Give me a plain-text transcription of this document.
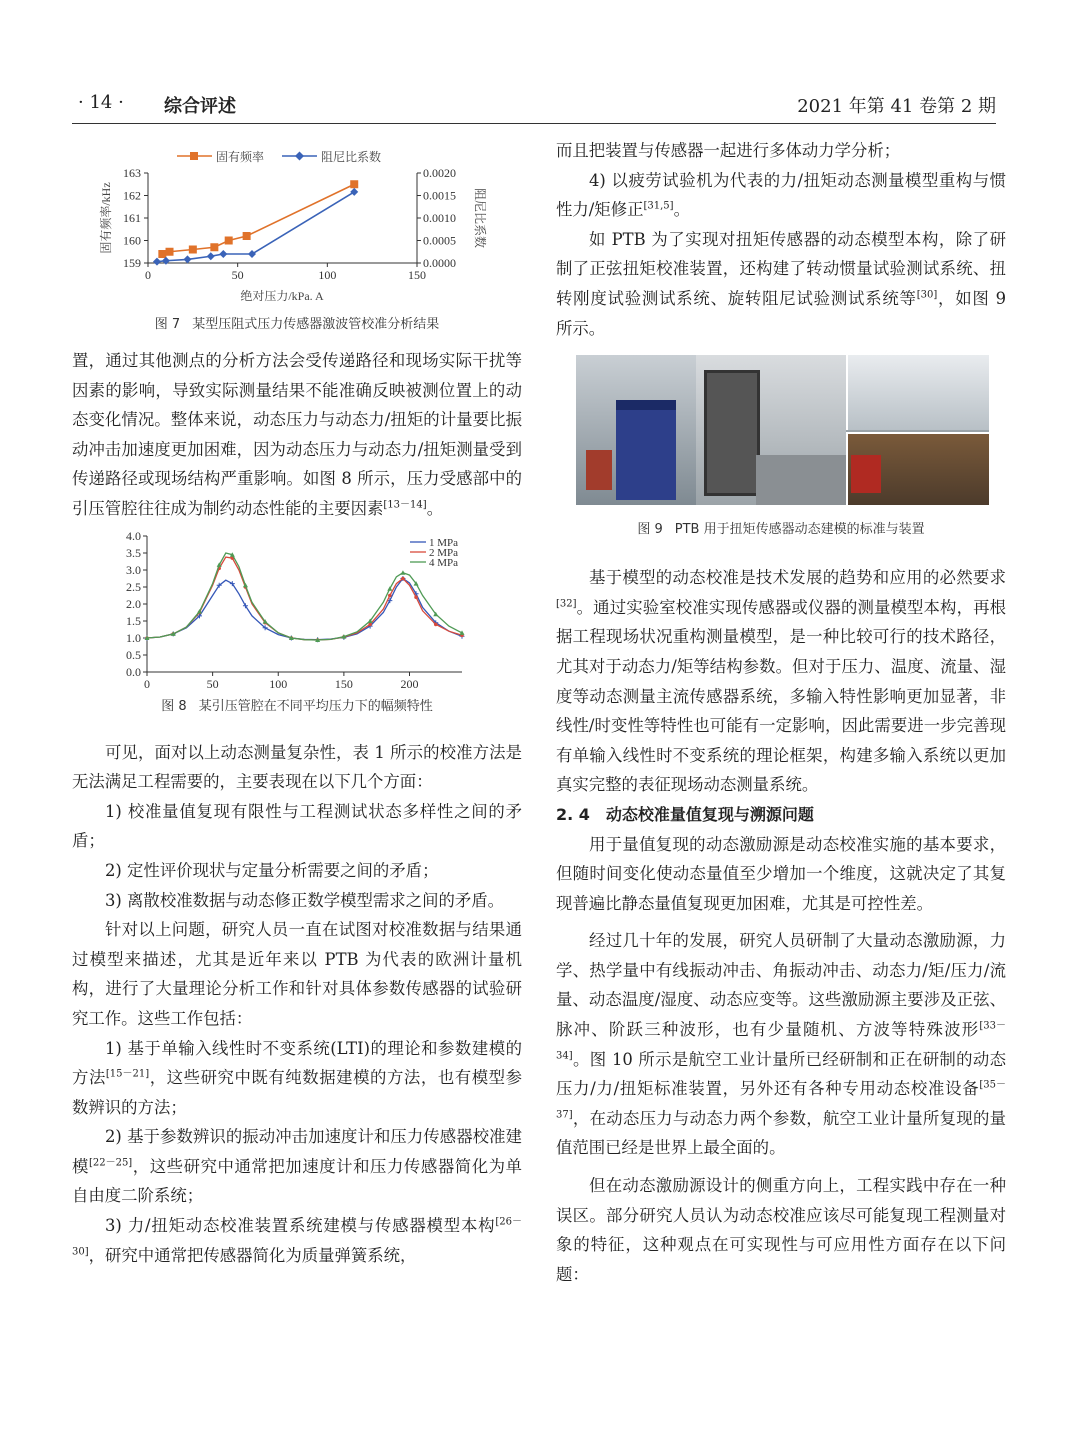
· 14 · 综合评述	2021 年第 41 卷第 2 期
固有频率	阻尼比系数
163
162
161
160
159
0.0020
0.0015
0.0010
0.0005
0.0000
0	50	100	150
固有频率/kHz	阻尼比系数
绝对压力/kPa. A

图 7 某型压阻式压力传感器激波管校准分析结果

置，通过其他测点的分析方法会受传递路径和现场实际干扰等因素的影响，导致实际测量结果不能准确反映被测位置上的动态变化情况。整体来说，动态压力与动态力/扭矩的计量要比振动冲击加速度更加困难，因为动态压力与动态力/扭矩测量受到传递路径或现场结构严重影响。如图 8 所示，压力受感部中的引压管腔往往成为制约动态性能的主要因素[13－14]。

4.0
3.5
3.0
2.5
2.0
1.5
1.0
0.5
0.0
0	50	100	150	200
1 MPa
2 MPa
4 MPa

图 8 某引压管腔在不同平均压力下的幅频特性

可见，面对以上动态测量复杂性，表 1 所示的校准方法是无法满足工程需要的，主要表现在以下几个方面：

1) 校准量值复现有限性与工程测试状态多样性之间的矛盾；

2) 定性评价现状与定量分析需要之间的矛盾；

3) 离散校准数据与动态修正数学模型需求之间的矛盾。

针对以上问题，研究人员一直在试图对校准数据与结果通过模型来描述，尤其是近年来以 PTB 为代表的欧洲计量机构，进行了大量理论分析工作和针对具体参数传感器的试验研究工作。这些工作包括：

1) 基于单输入线性时不变系统(LTI)的理论和参数建模的方法[15－21]，这些研究中既有纯数据建模的方法，也有模型参数辨识的方法；

2) 基于参数辨识的振动冲击加速度计和压力传感器校准建模[22－25]，这些研究中通常把加速度计和压力传感器简化为单自由度二阶系统；

3) 力/扭矩动态校准装置系统建模与传感器模型本构[26－30]，研究中通常把传感器简化为质量弹簧系统，

而且把装置与传感器一起进行多体动力学分析；

4) 以疲劳试验机为代表的力/扭矩动态测量模型重构与惯性力/矩修正[31,5]。

如 PTB 为了实现对扭矩传感器的动态模型本构，除了研制了正弦扭矩校准装置，还构建了转动惯量试验测试系统、扭转刚度试验测试系统、旋转阻尼试验测试系统等[30]，如图 9 所示。

图 9 PTB 用于扭矩传感器动态建模的标准与装置

基于模型的动态校准是技术发展的趋势和应用的必然要求[32]。通过实验室校准实现传感器或仪器的测量模型本构，再根据工程现场状况重构测量模型，是一种比较可行的技术路径，尤其对于动态力/矩等结构参数。但对于压力、温度、流量、湿度等动态测量主流传感器系统，多输入特性影响更加显著，非线性/时变性等特性也可能有一定影响，因此需要进一步完善现有单输入线性时不变系统的理论框架，构建多输入系统以更加真实完整的表征现场动态测量系统。

2. 4　动态校准量值复现与溯源问题

用于量值复现的动态激励源是动态校准实施的基本要求，但随时间变化使动态量值至少增加一个维度，这就决定了其复现普遍比静态量值复现更加困难，尤其是可控性差。

经过几十年的发展，研究人员研制了大量动态激励源，力学、热学量中有线振动冲击、角振动冲击、动态力/矩/压力/流量、动态温度/湿度、动态应变等。这些激励源主要涉及正弦、脉冲、阶跃三种波形，也有少量随机、方波等特殊波形[33－34]。图 10 所示是航空工业计量所已经研制和正在研制的动态压力/力/扭矩标准装置，另外还有各种专用动态校准设备[35－37]，在动态压力与动态力两个参数，航空工业计量所复现的量值范围已经是世界上最全面的。

但在动态激励源设计的侧重方向上，工程实践中存在一种误区。部分研究人员认为动态校准应该尽可能复现工程测量对象的特征，这种观点在可实现性与可应用性方面存在以下问题：
